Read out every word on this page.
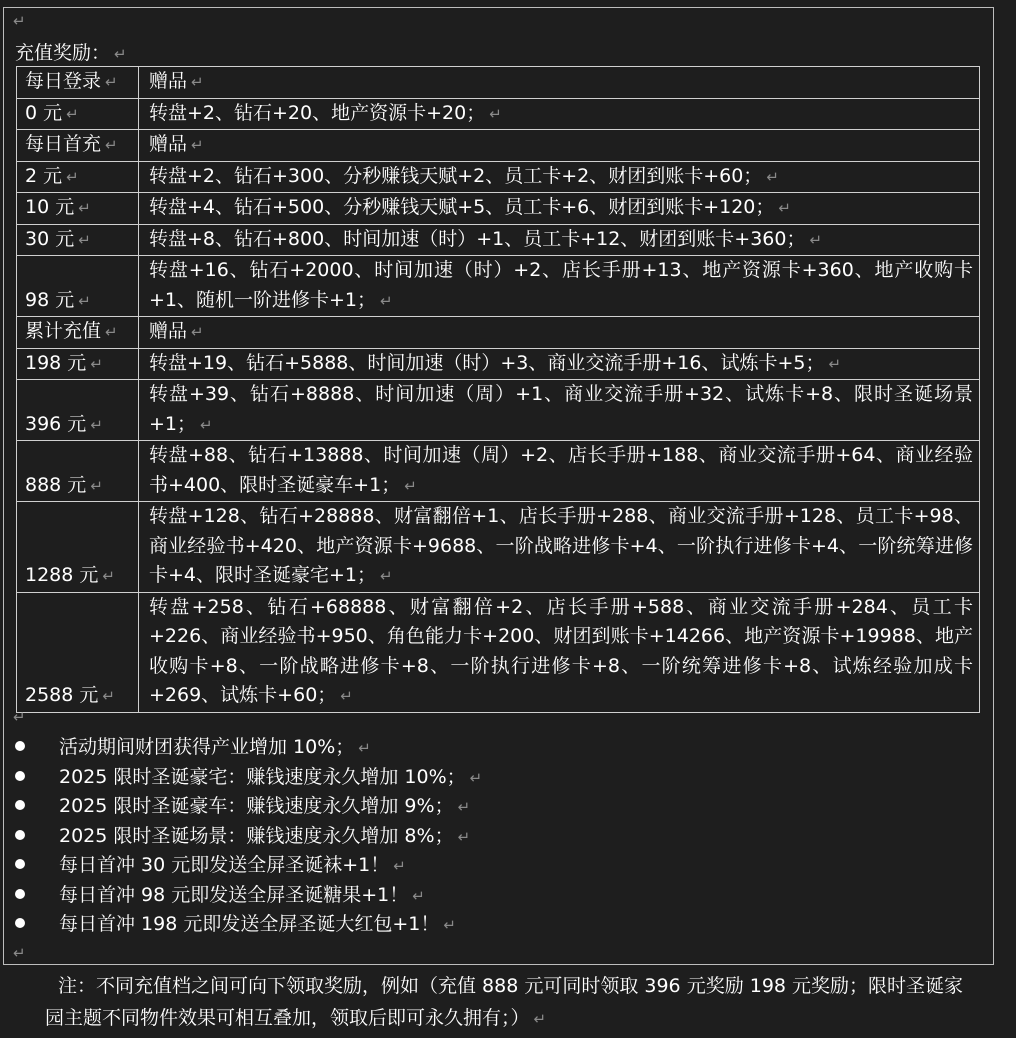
↵
充值奖励： ↵
每日登录 ↵	赠品 ↵
0 元 ↵	转盘+2、钻石+20、地产资源卡+20； ↵
每日首充 ↵	赠品 ↵
2 元 ↵	转盘+2、钻石+300、分秒赚钱天赋+2、员工卡+2、财团到账卡+60； ↵
10 元 ↵	转盘+4、钻石+500、分秒赚钱天赋+5、员工卡+6、财团到账卡+120； ↵
30 元 ↵	转盘+8、钻石+800、时间加速（时）+1、员工卡+12、财团到账卡+360； ↵
98 元 ↵	转盘+16、钻石+2000、时间加速（时）+2、店长手册+13、地产资源卡+360、地产收购卡+1、随机一阶进修卡+1； ↵
累计充值 ↵	赠品 ↵
198 元 ↵	转盘+19、钻石+5888、时间加速（时）+3、商业交流手册+16、试炼卡+5； ↵
396 元 ↵	转盘+39、钻石+8888、时间加速（周）+1、商业交流手册+32、试炼卡+8、限时圣诞场景+1； ↵
888 元 ↵	转盘+88、钻石+13888、时间加速（周）+2、店长手册+188、商业交流手册+64、商业经验书+400、限时圣诞豪车+1； ↵
1288 元 ↵	转盘+128、钻石+28888、财富翻倍+1、店长手册+288、商业交流手册+128、员工卡+98、商业经验书+420、地产资源卡+9688、一阶战略进修卡+4、一阶执行进修卡+4、一阶统筹进修卡+4、限时圣诞豪宅+1； ↵
2588 元 ↵	转盘+258、钻石+68888、财富翻倍+2、店长手册+588、商业交流手册+284、员工卡+226、商业经验书+950、角色能力卡+200、财团到账卡+14266、地产资源卡+19988、地产收购卡+8、一阶战略进修卡+8、一阶执行进修卡+8、一阶统筹进修卡+8、试炼经验加成卡+269、试炼卡+60； ↵
↵
活动期间财团获得产业增加 10%； ↵
2025 限时圣诞豪宅：赚钱速度永久增加 10%； ↵
2025 限时圣诞豪车：赚钱速度永久增加 9%； ↵
2025 限时圣诞场景：赚钱速度永久增加 8%； ↵
每日首冲 30 元即发送全屏圣诞袜+1！ ↵
每日首冲 98 元即发送全屏圣诞糖果+1！ ↵
每日首冲 198 元即发送全屏圣诞大红包+1！ ↵
↵

注：不同充值档之间可向下领取奖励，例如（充值 888 元可同时领取 396 元奖励 198 元奖励；限时圣诞家园主题不同物件效果可相互叠加，领取后即可永久拥有；） ↵
